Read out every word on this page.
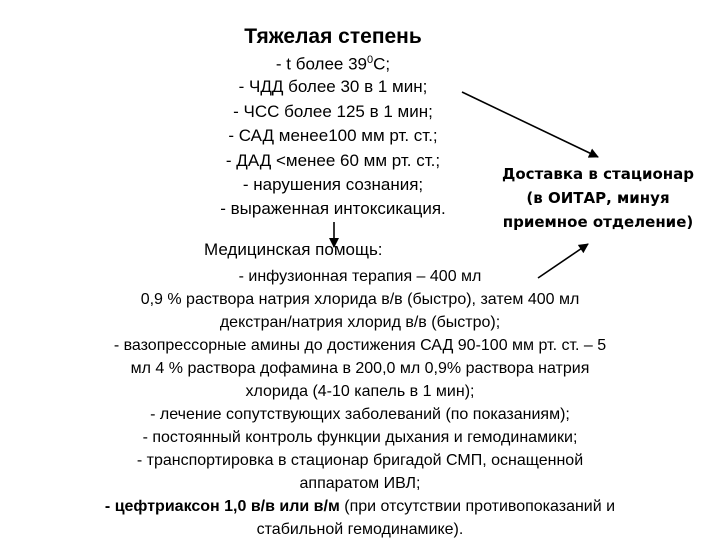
Тяжелая степень
- t более $39^0С$;
- ЧДД более 30 в 1 мин;
- ЧСС более 125 в 1 мин;
- САД менее100 мм рт. ст.;
- ДАД <менее 60 мм рт. ст.;
- нарушения сознания;
- выраженная интоксикация.
Доставка в стационар
(в ОИТАР, минуя
приемное отделение)
Медицинская помощь:
- инфузионная терапия – 400 мл
0,9 % раствора натрия хлорида в/в (быстро), затем 400 мл
декстран/натрия хлорид в/в (быстро);
- вазопрессорные амины до достижения САД 90-100 мм рт. ст. – 5
мл 4 % раствора дофамина в 200,0 мл 0,9% раствора натрия
хлорида (4-10 капель в 1 мин);
- лечение сопутствующих заболеваний (по показаниям);
- постоянный контроль функции дыхания и гемодинамики;
- транспортировка в стационар бригадой СМП, оснащенной
аппаратом ИВЛ;
- цефтриаксон 1,0 в/в или в/м (при отсутствии противопоказаний и
стабильной гемодинамике).
